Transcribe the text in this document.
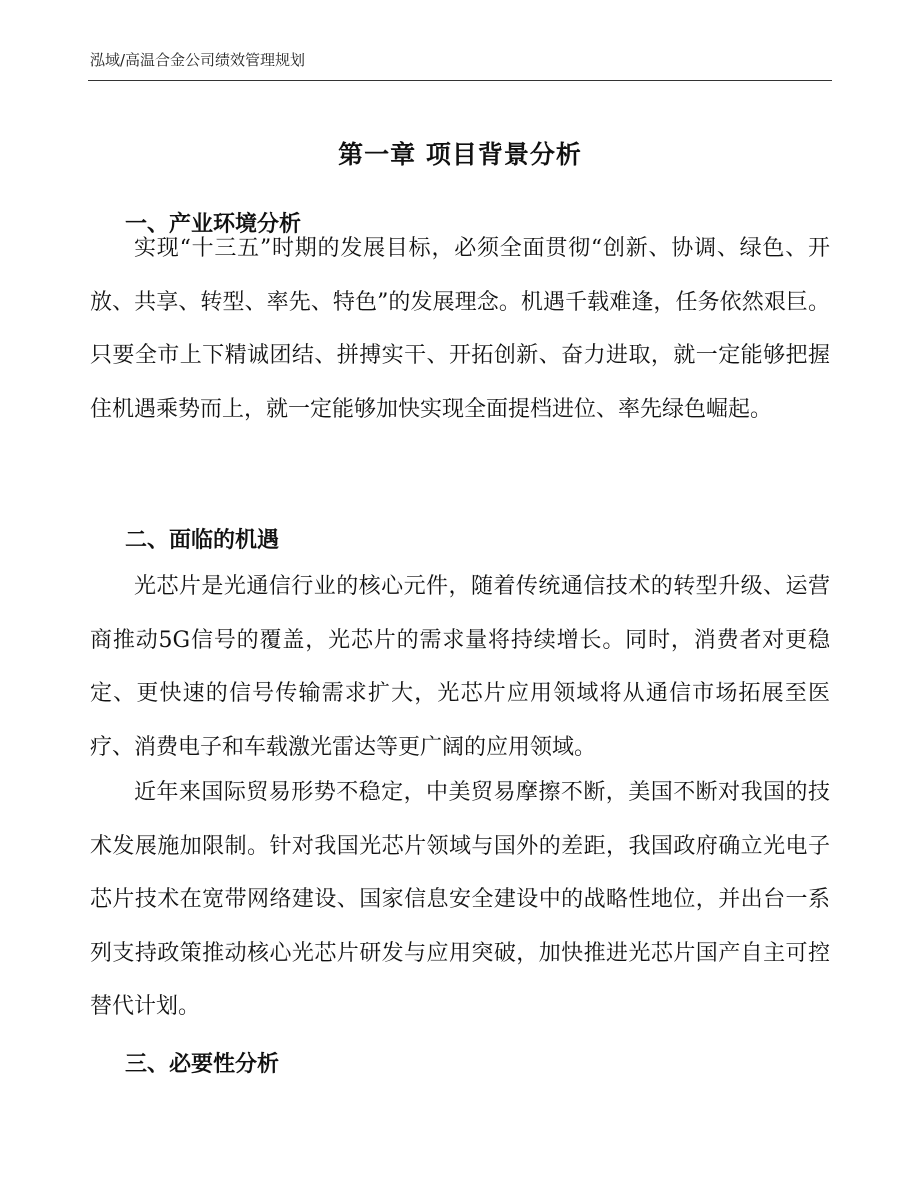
泓域/高温合金公司绩效管理规划
第一章 项目背景分析
一、产业环境分析

实现“十三五”时期的发展目标，必须全面贯彻“创新、协调、绿色、开放、共享、转型、率先、特色”的发展理念。机遇千载难逢，任务依然艰巨。只要全市上下精诚团结、拼搏实干、开拓创新、奋力进取，就一定能够把握住机遇乘势而上，就一定能够加快实现全面提档进位、率先绿色崛起。

二、面临的机遇

光芯片是光通信行业的核心元件，随着传统通信技术的转型升级、运营商推动5G信号的覆盖，光芯片的需求量将持续增长。同时，消费者对更稳定、更快速的信号传输需求扩大，光芯片应用领域将从通信市场拓展至医疗、消费电子和车载激光雷达等更广阔的应用领域。

近年来国际贸易形势不稳定，中美贸易摩擦不断，美国不断对我国的技术发展施加限制。针对我国光芯片领域与国外的差距，我国政府确立光电子芯片技术在宽带网络建设、国家信息安全建设中的战略性地位，并出台一系列支持政策推动核心光芯片研发与应用突破，加快推进光芯片国产自主可控替代计划。

三、必要性分析
